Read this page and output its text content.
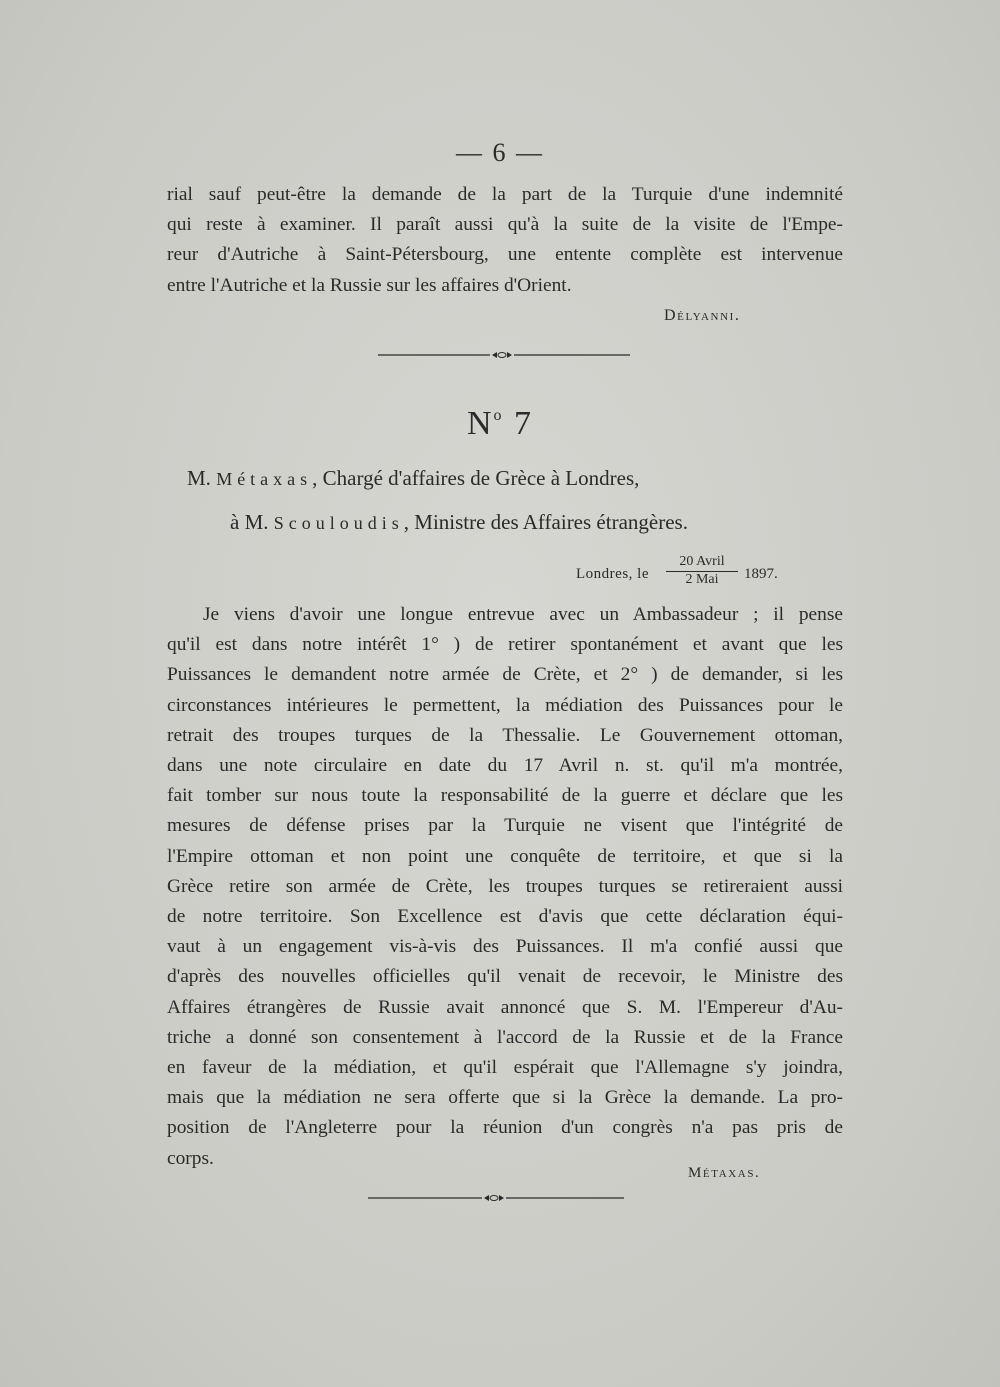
— 6 —
rial sauf peut-être la demande de la part de la Turquie d'une indemnité
qui reste à examiner. Il paraît aussi qu'à la suite de la visite de l'Empe-
reur d'Autriche à Saint-Pétersbourg, une entente complète est intervenue
entre l'Autriche et la Russie sur les affaires d'Orient.
Délyanni.
$N^o$ 7
M. Métaxas, Chargé d'affaires de Grèce à Londres,
à M. Scouloudis, Ministre des Affaires étrangères.
Londres, le
20 Avril
2 Mai	1897.
Je viens d'avoir une longue entrevue avec un Ambassadeur ; il pense
qu'il est dans notre intérêt 1° ) de retirer spontanément et avant que les
Puissances le demandent notre armée de Crète, et 2° ) de demander, si les
circonstances intérieures le permettent, la médiation des Puissances pour le
retrait des troupes turques de la Thessalie. Le Gouvernement ottoman,
dans une note circulaire en date du 17 Avril n. st. qu'il m'a montrée,
fait tomber sur nous toute la responsabilité de la guerre et déclare que les
mesures de défense prises par la Turquie ne visent que l'intégrité de
l'Empire ottoman et non point une conquête de territoire, et que si la
Grèce retire son armée de Crète, les troupes turques se retireraient aussi
de notre territoire. Son Excellence est d'avis que cette déclaration équi-
vaut à un engagement vis-à-vis des Puissances. Il m'a confié aussi que
d'après des nouvelles officielles qu'il venait de recevoir, le Ministre des
Affaires étrangères de Russie avait annoncé que S. M. l'Empereur d'Au-
triche a donné son consentement à l'accord de la Russie et de la France
en faveur de la médiation, et qu'il espérait que l'Allemagne s'y joindra,
mais que la médiation ne sera offerte que si la Grèce la demande. La pro-
position de l'Angleterre pour la réunion d'un congrès n'a pas pris de
corps.
Métaxas.
